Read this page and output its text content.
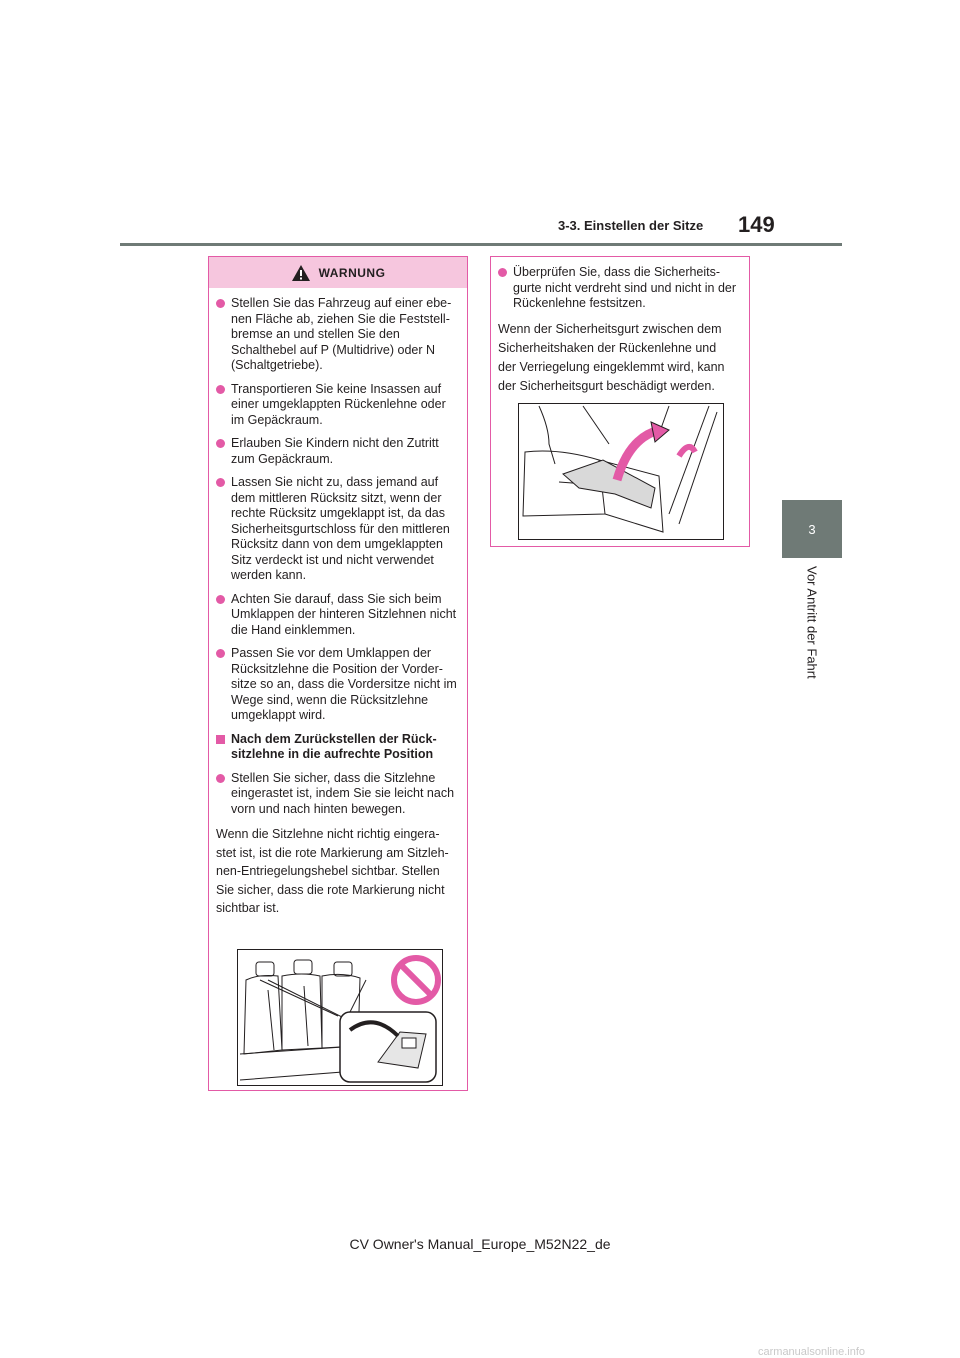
3-3. Einstellen der Sitze 149
3
Vor Antritt der Fahrt
WARNUNG
Stellen Sie das Fahrzeug auf einer ebe-nen Fläche ab, ziehen Sie die Feststell-bremse an und stellen Sie den Schalthebel auf P (Multidrive) oder N (Schaltgetriebe).
Transportieren Sie keine Insassen auf einer umgeklappten Rückenlehne oder im Gepäckraum.
Erlauben Sie Kindern nicht den Zutritt zum Gepäckraum.
Lassen Sie nicht zu, dass jemand auf dem mittleren Rücksitz sitzt, wenn der rechte Rücksitz umgeklappt ist, da das Sicherheitsgurtschloss für den mittleren Rücksitz dann von dem umgeklappten Sitz verdeckt ist und nicht verwendet werden kann.
Achten Sie darauf, dass Sie sich beim Umklappen der hinteren Sitzlehnen nicht die Hand einklemmen.
Passen Sie vor dem Umklappen der Rücksitzlehne die Position der Vorder-sitze so an, dass die Vordersitze nicht im Wege sind, wenn die Rücksitzlehne umgeklappt wird.
Nach dem Zurückstellen der Rück-sitzlehne in die aufrechte Position
Stellen Sie sicher, dass die Sitzlehne eingerastet ist, indem Sie sie leicht nach vorn und nach hinten bewegen.

Wenn die Sitzlehne nicht richtig eingera-

stet ist, ist die rote Markierung am Sitzleh-

nen-Entriegelungshebel sichtbar. Stellen

Sie sicher, dass die rote Markierung nicht

sichtbar ist.

Überprüfen Sie, dass die Sicherheits-gurte nicht verdreht sind und nicht in der Rückenlehne festsitzen.

Wenn der Sicherheitsgurt zwischen dem

Sicherheitshaken der Rückenlehne und

der Verriegelung eingeklemmt wird, kann

der Sicherheitsgurt beschädigt werden.

CV Owner's Manual_Europe_M52N22_de
carmanualsonline.info
